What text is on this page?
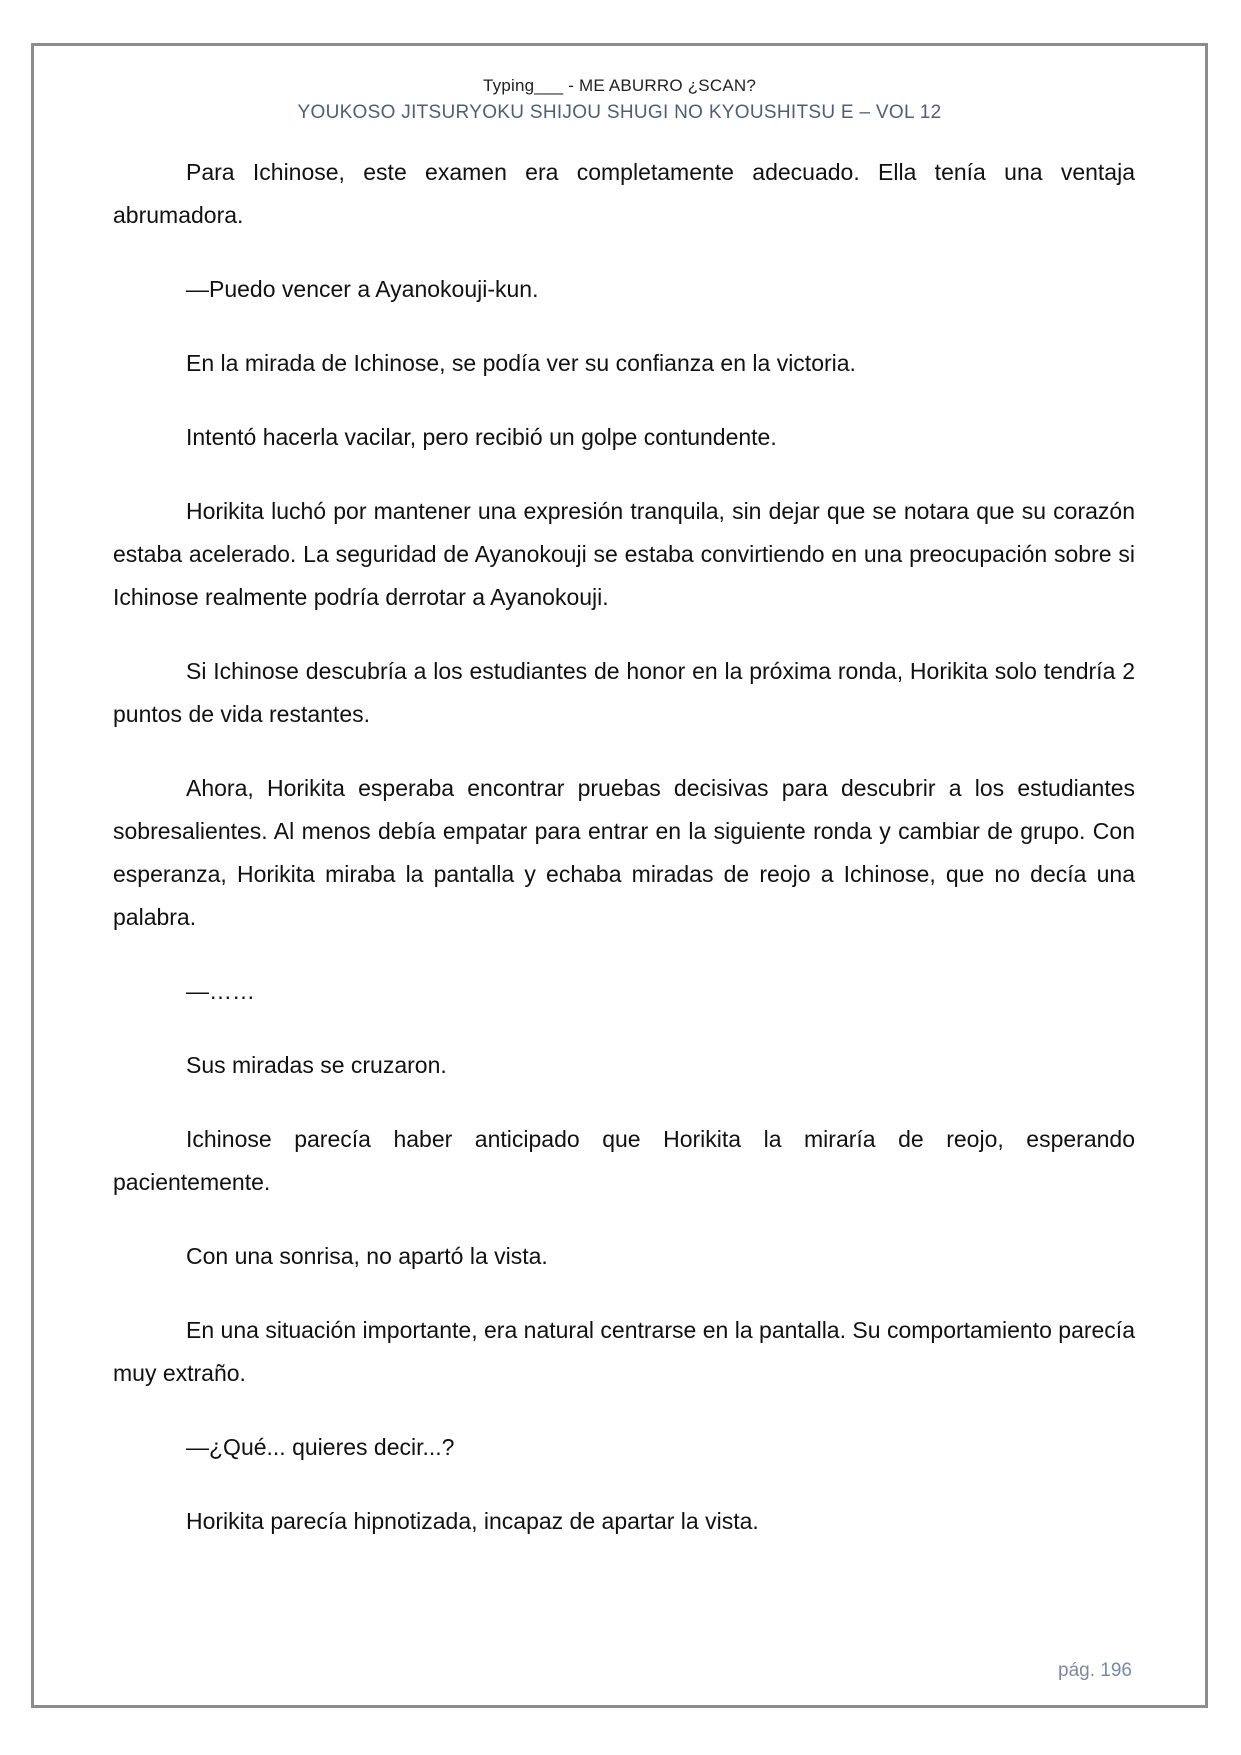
Typing___ - ME ABURRO ¿SCAN?
YOUKOSO JITSURYOKU SHIJOU SHUGI NO KYOUSHITSU E – VOL 12

Para Ichinose, este examen era completamente adecuado. Ella tenía una ventaja abrumadora.

—Puedo vencer a Ayanokouji-kun.

En la mirada de Ichinose, se podía ver su confianza en la victoria.

Intentó hacerla vacilar, pero recibió un golpe contundente.

Horikita luchó por mantener una expresión tranquila, sin dejar que se notara que su corazón estaba acelerado. La seguridad de Ayanokouji se estaba convirtiendo en una preocupación sobre si Ichinose realmente podría derrotar a Ayanokouji.

Si Ichinose descubría a los estudiantes de honor en la próxima ronda, Horikita solo tendría 2 puntos de vida restantes.

Ahora, Horikita esperaba encontrar pruebas decisivas para descubrir a los estudiantes sobresalientes. Al menos debía empatar para entrar en la siguiente ronda y cambiar de grupo. Con esperanza, Horikita miraba la pantalla y echaba miradas de reojo a Ichinose, que no decía una palabra.

—……

Sus miradas se cruzaron.

Ichinose parecía haber anticipado que Horikita la miraría de reojo, esperando pacientemente.

Con una sonrisa, no apartó la vista.

En una situación importante, era natural centrarse en la pantalla. Su comportamiento parecía muy extraño.

—¿Qué... quieres decir...?

Horikita parecía hipnotizada, incapaz de apartar la vista.

pág. 196
